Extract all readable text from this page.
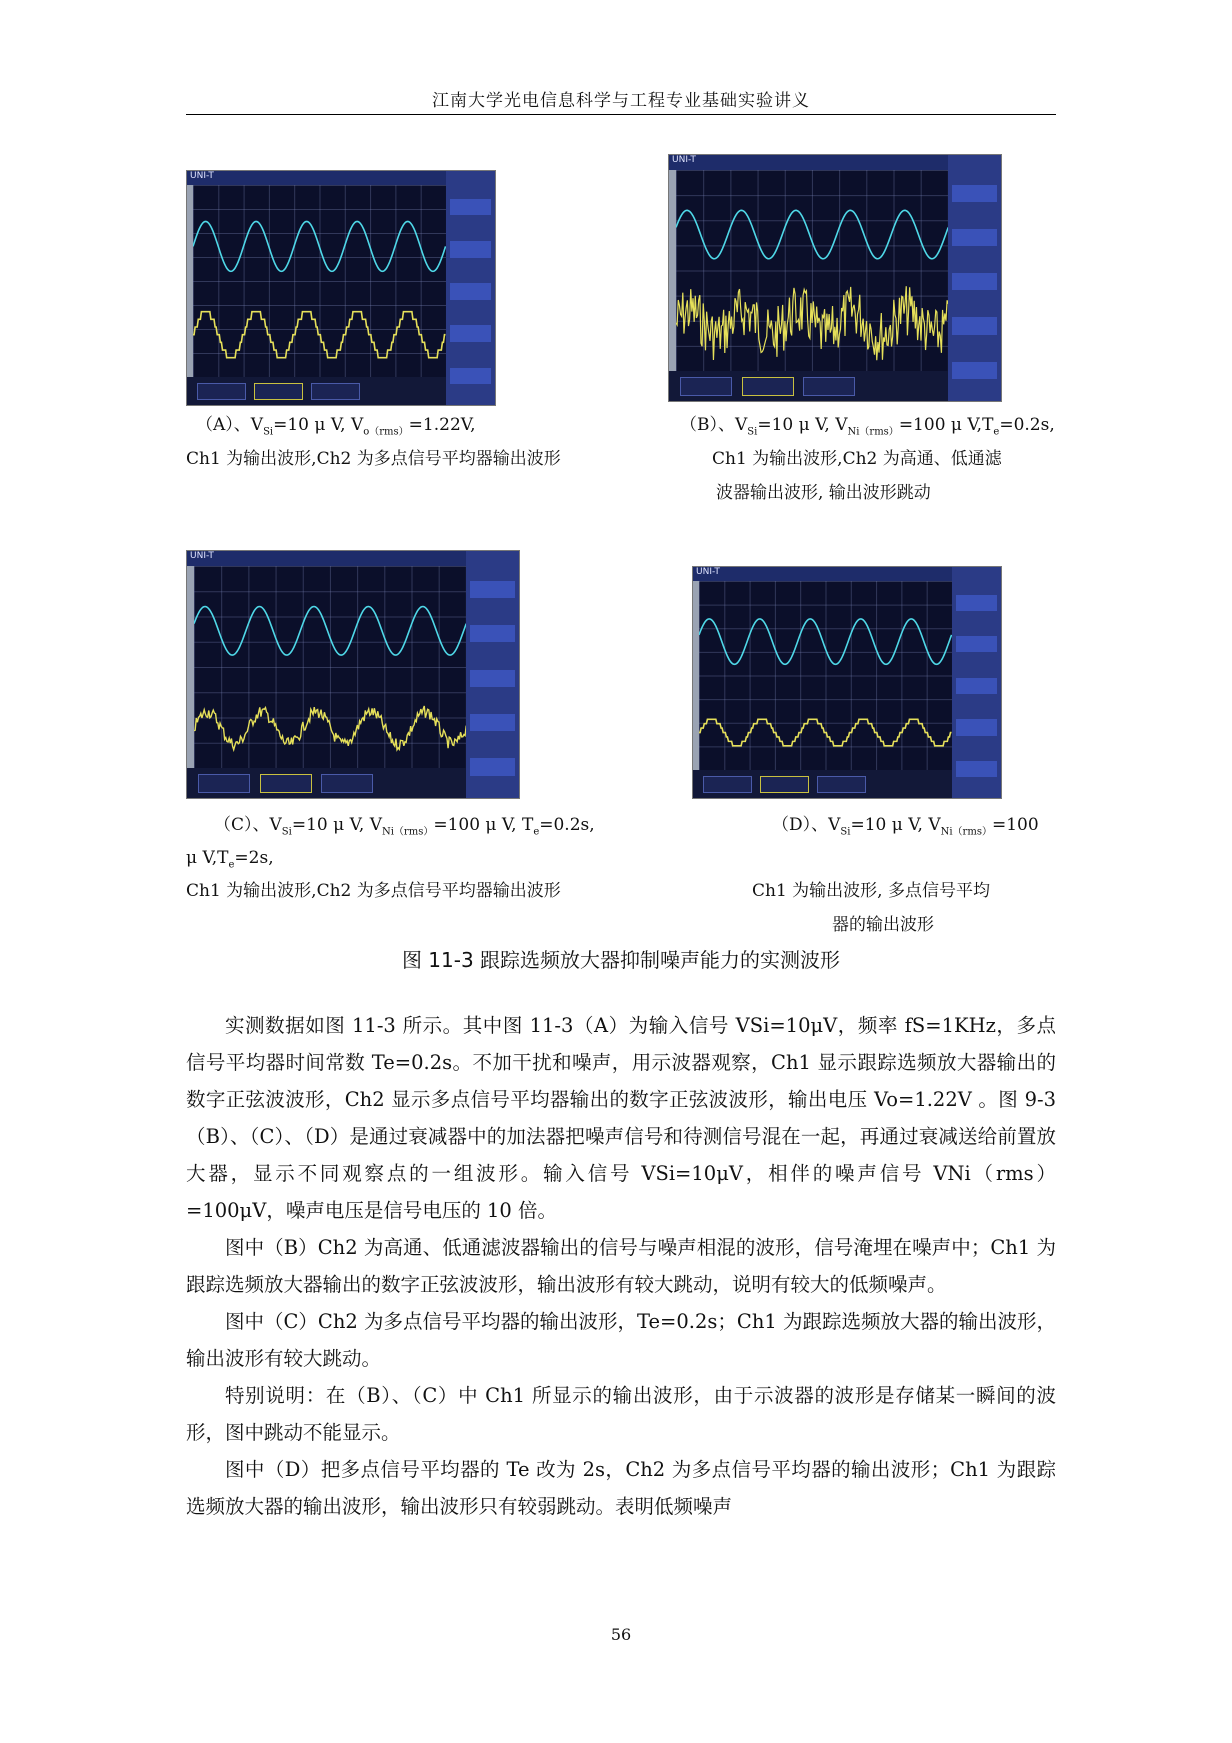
江南大学光电信息科学与工程专业基础实验讲义
UNI-T
UNI-T
UNI-T
UNI-T
（A）、$V_{Si}=10$ μ V, $V_{o(rms)}=1.22V$,
Ch1 为输出波形,Ch2 为多点信号平均器输出波形
（B）、$V_{Si}=10$ μ V, $V_{Ni(rms)}=100$ μ $V,T_e=0.2s$,
Ch1 为输出波形,Ch2 为高通、低通滤
波器输出波形, 输出波形跳动
（C）、$V_{Si}=10$ μ V, $V_{Ni(rms)}=100$ μ V, $T_e=0.2s$,
μ $V,T_e=2s$,
Ch1 为输出波形,Ch2 为多点信号平均器输出波形
（D）、$V_{Si}=10$ μ V, $V_{Ni(rms)}=100$
Ch1 为输出波形, 多点信号平均
器的输出波形
图 11-3 跟踪选频放大器抑制噪声能力的实测波形

实测数据如图 11-3 所示。其中图 11-3（A）为输入信号 VSi=10μV，频率 fS=1KHz，多点信号平均器时间常数 Te=0.2s。不加干扰和噪声，用示波器观察，Ch1 显示跟踪选频放大器输出的数字正弦波波形，Ch2 显示多点信号平均器输出的数字正弦波波形，输出电压 Vo=1.22V 。图 9-3（B）、（C）、（D）是通过衰减器中的加法器把噪声信号和待测信号混在一起，再通过衰减送给前置放大器，显示不同观察点的一组波形。输入信号 VSi=10μV，相伴的噪声信号 VNi（rms）=100μV，噪声电压是信号电压的 10 倍。

图中（B）Ch2 为高通、低通滤波器输出的信号与噪声相混的波形，信号淹埋在噪声中；Ch1 为跟踪选频放大器输出的数字正弦波波形，输出波形有较大跳动，说明有较大的低频噪声。

图中（C）Ch2 为多点信号平均器的输出波形，Te=0.2s；Ch1 为跟踪选频放大器的输出波形，输出波形有较大跳动。

特别说明：在（B）、（C）中 Ch1 所显示的输出波形，由于示波器的波形是存储某一瞬间的波形，图中跳动不能显示。

图中（D）把多点信号平均器的 Te 改为 2s，Ch2 为多点信号平均器的输出波形；Ch1 为跟踪选频放大器的输出波形，输出波形只有较弱跳动。表明低频噪声

56
